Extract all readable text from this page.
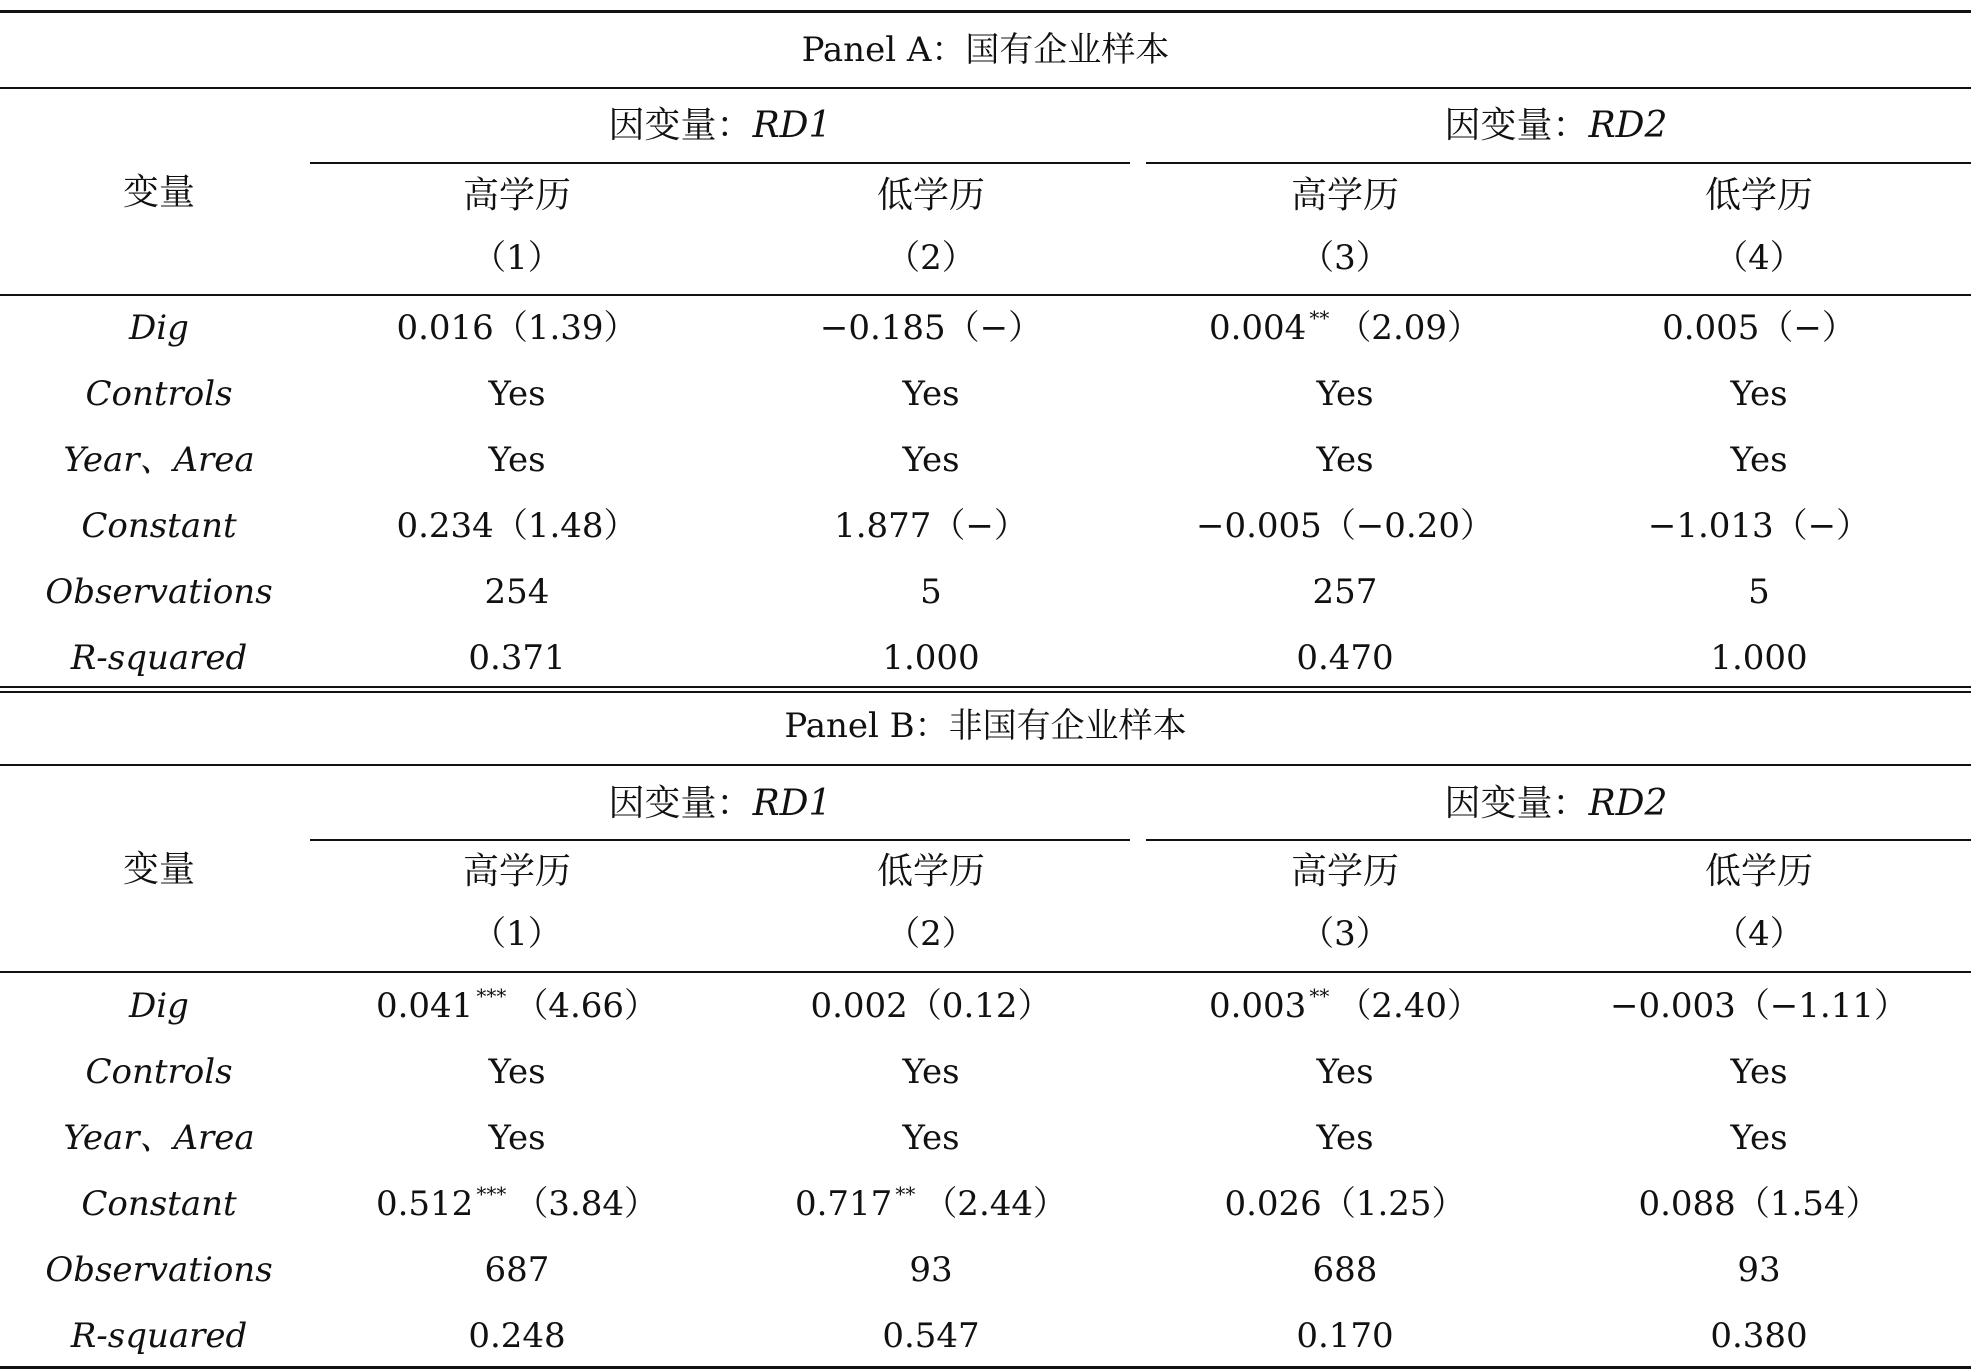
Panel A：国有企业样本
变量
因变量：RD1	因变量：RD2
高学历	低学历	高学历	低学历
（1）	（2）	（3）	（4）
Dig	0.016（1.39）	−0.185（−）	0.004 ** （2.09）	0.005（−）
Controls	Yes	Yes	Yes	Yes
Year、Area	Yes	Yes	Yes	Yes
Constant	0.234（1.48）	1.877（−）	−0.005（−0.20）	−1.013（−）
Observations	254	5	257	5
R-squared	0.371	1.000	0.470	1.000
Panel B：非国有企业样本
变量
因变量：RD1	因变量：RD2
高学历	低学历	高学历	低学历
（1）	（2）	（3）	（4）
Dig	0.041 *** （4.66）	0.002（0.12）	0.003 ** （2.40）	−0.003（−1.11）
Controls	Yes	Yes	Yes	Yes
Year、Area	Yes	Yes	Yes	Yes
Constant	0.512 *** （3.84）	0.717 ** （2.44）	0.026（1.25）	0.088（1.54）
Observations	687	93	688	93
R-squared	0.248	0.547	0.170	0.380
